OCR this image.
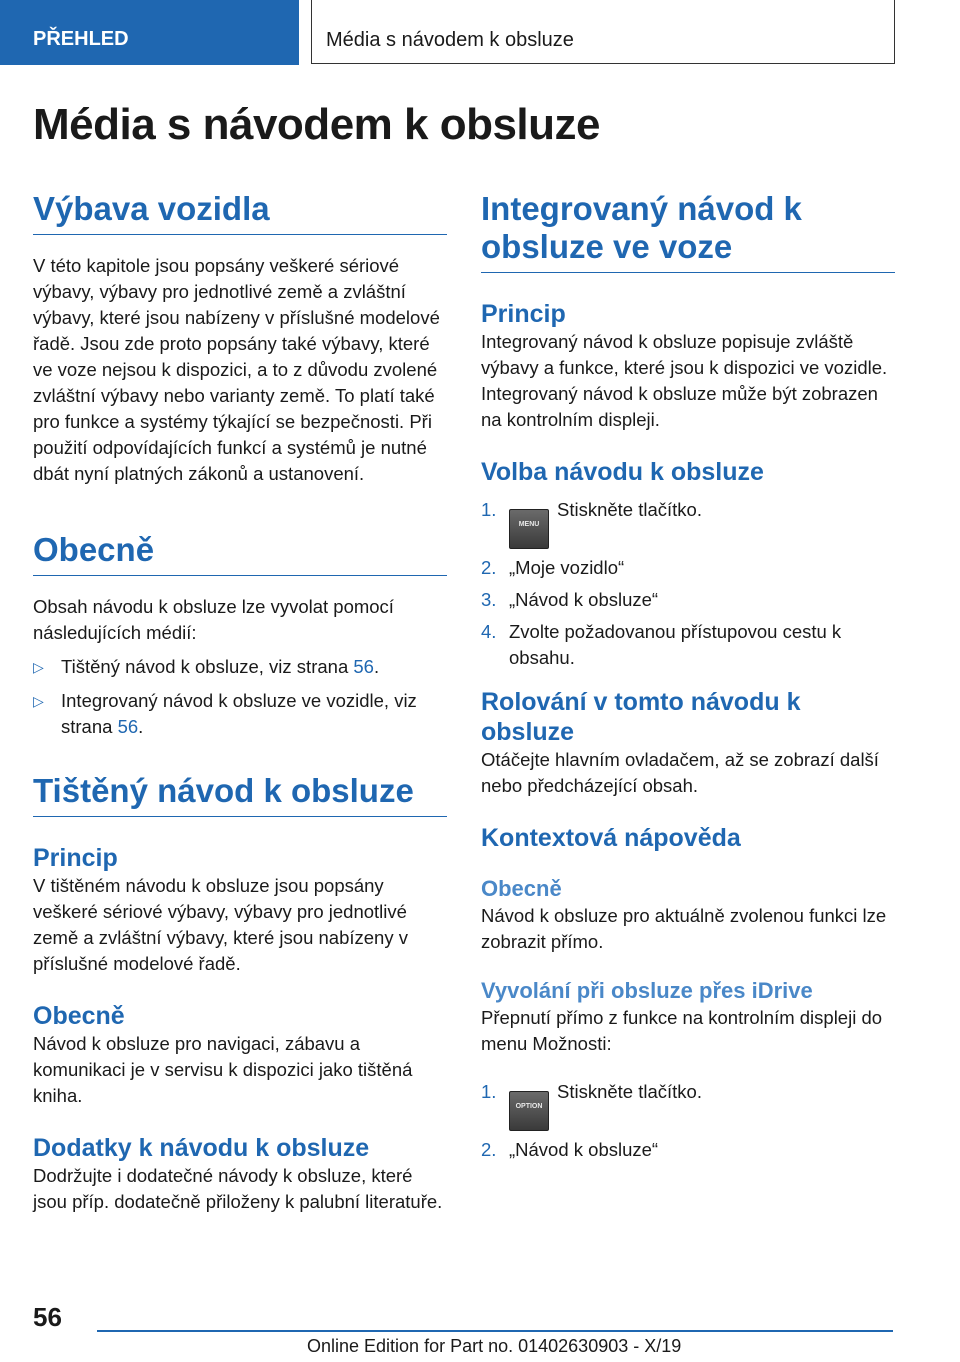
PŘEHLED	Média s návodem k obsluze
Média s návodem k obsluze
Výbava vozidla

V této kapitole jsou popsány veškeré sériové výbavy, výbavy pro jednotlivé země a zvláštní výbavy, které jsou nabízeny v příslušné modelové řadě. Jsou zde proto popsány také výbavy, které ve voze nejsou k dispozici, a to z důvodu zvolené zvláštní výbavy nebo varianty země. To platí také pro funkce a systémy týkající se bezpečnosti. Při použití odpovídajících funkcí a systémů je nutné dbát nyní platných zákonů a ustanovení.

Obecně

Obsah návodu k obsluze lze vyvolat pomocí následujících médií:

▷ Tištěný návod k obsluze, viz strana 56.
▷ Integrovaný návod k obsluze ve vozidle, viz strana 56.
Tištěný návod k obsluze
Princip

V tištěném návodu k obsluze jsou popsány veškeré sériové výbavy, výbavy pro jednotlivé země a zvláštní výbavy, které jsou nabízeny v příslušné modelové řadě.

Obecně

Návod k obsluze pro navigaci, zábavu a komunikaci je v servisu k dispozici jako tištěná kniha.

Dodatky k návodu k obsluze

Dodržujte i dodatečné návody k obsluze, které jsou příp. dodatečně přiloženy k palubní literatuře.

Integrovaný návod k obsluze ve voze
Princip

Integrovaný návod k obsluze popisuje zvláště výbavy a funkce, které jsou k dispozici ve vozidle. Integrovaný návod k obsluze může být zobrazen na kontrolním displeji.

Volba návodu k obsluze
1.
MENUStiskněte tlačítko.
2. „Moje vozidlo“
3. „Návod k obsluze“
4. Zvolte požadovanou přístupovou cestu k obsahu.
Rolování v tomto návodu k obsluze

Otáčejte hlavním ovladačem, až se zobrazí další nebo předcházející obsah.

Kontextová nápověda
Obecně

Návod k obsluze pro aktuálně zvolenou funkci lze zobrazit přímo.

Vyvolání při obsluze přes iDrive

Přepnutí přímo z funkce na kontrolním displeji do menu Možnosti:

1.
OPTIONStiskněte tlačítko.
2. „Návod k obsluze“
56
Online Edition for Part no. 01402630903 - X/19
